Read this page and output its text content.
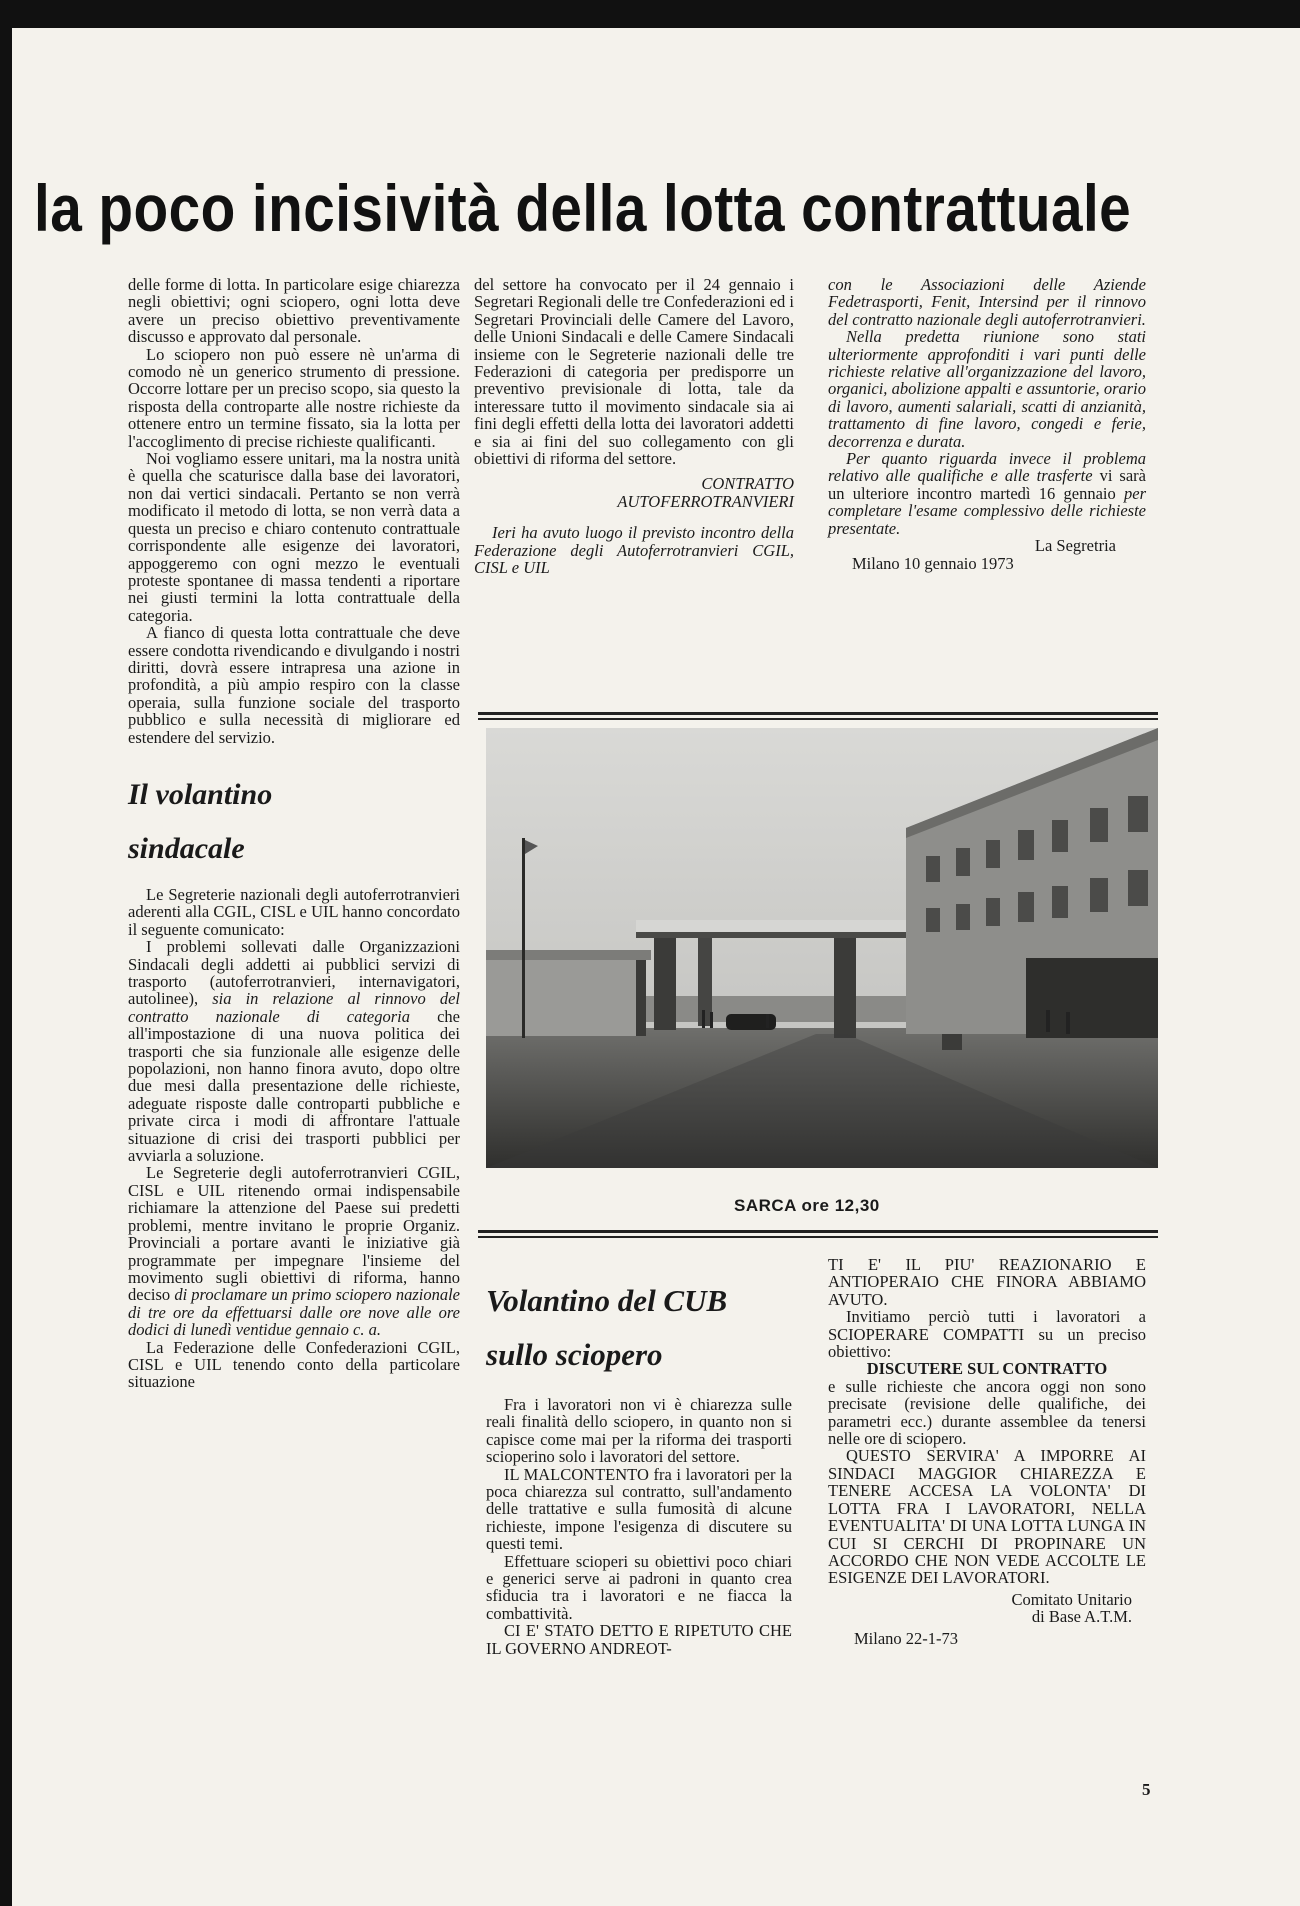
la poco incisività della lotta contrattuale

delle forme di lotta. In particolare esige chiarezza negli obiettivi; ogni sciopero, ogni lotta deve avere un preciso obiettivo preventivamente discusso e approvato dal personale.

Lo sciopero non può essere nè un'arma di comodo nè un generico strumento di pressione. Occorre lottare per un preciso scopo, sia questo la risposta della controparte alle nostre richieste da ottenere entro un termine fissato, sia la lotta per l'accoglimento di precise richieste qualificanti.

Noi vogliamo essere unitari, ma la nostra unità è quella che scaturisce dalla base dei lavoratori, non dai vertici sindacali. Pertanto se non verrà modificato il metodo di lotta, se non verrà data a questa un preciso e chiaro contenuto contrattuale corrispondente alle esigenze dei lavoratori, appoggeremo con ogni mezzo le eventuali proteste spontanee di massa tendenti a riportare nei giusti termini la lotta contrattuale della categoria.

A fianco di questa lotta contrattuale che deve essere condotta rivendicando e divulgando i nostri diritti, dovrà essere intrapresa una azione in profondità, a più ampio respiro con la classe operaia, sulla funzione sociale del trasporto pubblico e sulla necessità di migliorare ed estendere del servizio.

Il volantino

sindacale

Le Segreterie nazionali degli autoferrotranvieri aderenti alla CGIL, CISL e UIL hanno concordato il seguente comunicato:

I problemi sollevati dalle Organizzazioni Sindacali degli addetti ai pubblici servizi di trasporto (autoferrotranvieri, internavigatori, autolinee), sia in relazione al rinnovo del contratto nazionale di categoria che all'impostazione di una nuova politica dei trasporti che sia funzionale alle esigenze delle popolazioni, non hanno finora avuto, dopo oltre due mesi dalla presentazione delle richieste, adeguate risposte dalle controparti pubbliche e private circa i modi di affrontare l'attuale situazione di crisi dei trasporti pubblici per avviarla a soluzione.

Le Segreterie degli autoferrotranvieri CGIL, CISL e UIL ritenendo ormai indispensabile richiamare la attenzione del Paese sui predetti problemi, mentre invitano le proprie Organiz. Provinciali a portare avanti le iniziative già programmate per impegnare l'insieme del movimento sugli obiettivi di riforma, hanno deciso di proclamare un primo sciopero nazionale di tre ore da effettuarsi dalle ore nove alle ore dodici di lunedì ventidue gennaio c. a.

La Federazione delle Confederazioni CGIL, CISL e UIL tenendo conto della particolare situazione

del settore ha convocato per il 24 gennaio i Segretari Regionali delle tre Confederazioni ed i Segretari Provinciali delle Camere del Lavoro, delle Unioni Sindacali e delle Camere Sindacali insieme con le Segreterie nazionali delle tre Federazioni di categoria per predisporre un preventivo previsionale di lotta, tale da interessare tutto il movimento sindacale sia ai fini degli effetti della lotta dei lavoratori addetti e sia ai fini del suo collegamento con gli obiettivi di riforma del settore.

CONTRATTO

AUTOFERROTRANVIERI

Ieri ha avuto luogo il previsto incontro della Federazione degli Autoferrotranvieri CGIL, CISL e UIL

con le Associazioni delle Aziende Fedetrasporti, Fenit, Intersind per il rinnovo del contratto nazionale degli autoferrotranvieri.

Nella predetta riunione sono stati ulteriormente approfonditi i vari punti delle richieste relative all'organizzazione del lavoro, organici, abolizione appalti e assuntorie, orario di lavoro, aumenti salariali, scatti di anzianità, trattamento di fine lavoro, congedi e ferie, decorrenza e durata.

Per quanto riguarda invece il problema relativo alle qualifiche e alle trasferte vi sarà un ulteriore incontro martedì 16 gennaio per completare l'esame complessivo delle richieste presentate.

La Segretria

Milano 10 gennaio 1973

SARCA ore 12,30

Volantino del CUB

sullo sciopero

Fra i lavoratori non vi è chiarezza sulle reali finalità dello sciopero, in quanto non si capisce come mai per la riforma dei trasporti scioperino solo i lavoratori del settore.

IL MALCONTENTO fra i lavoratori per la poca chiarezza sul contratto, sull'andamento delle trattative e sulla fumosità di alcune richieste, impone l'esigenza di discutere su questi temi.

Effettuare scioperi su obiettivi poco chiari e generici serve ai padroni in quanto crea sfiducia tra i lavoratori e ne fiacca la combattività.

CI E' STATO DETTO E RIPETUTO CHE IL GOVERNO ANDREOT-

TI E' IL PIU' REAZIONARIO E ANTIOPERAIO CHE FINORA ABBIAMO AVUTO.

Invitiamo perciò tutti i lavoratori a SCIOPERARE COMPATTI su un preciso obiettivo:

DISCUTERE SUL CONTRATTO

e sulle richieste che ancora oggi non sono precisate (revisione delle qualifiche, dei parametri ecc.) durante assemblee da tenersi nelle ore di sciopero.

QUESTO SERVIRA' A IMPORRE AI SINDACI MAGGIOR CHIAREZZA E TENERE ACCESA LA VOLONTA' DI LOTTA FRA I LAVORATORI, NELLA EVENTUALITA' DI UNA LOTTA LUNGA IN CUI SI CERCHI DI PROPINARE UN ACCORDO CHE NON VEDE ACCOLTE LE ESIGENZE DEI LAVORATORI.

Comitato Unitario

di Base A.T.M.

Milano 22-1-73

5
